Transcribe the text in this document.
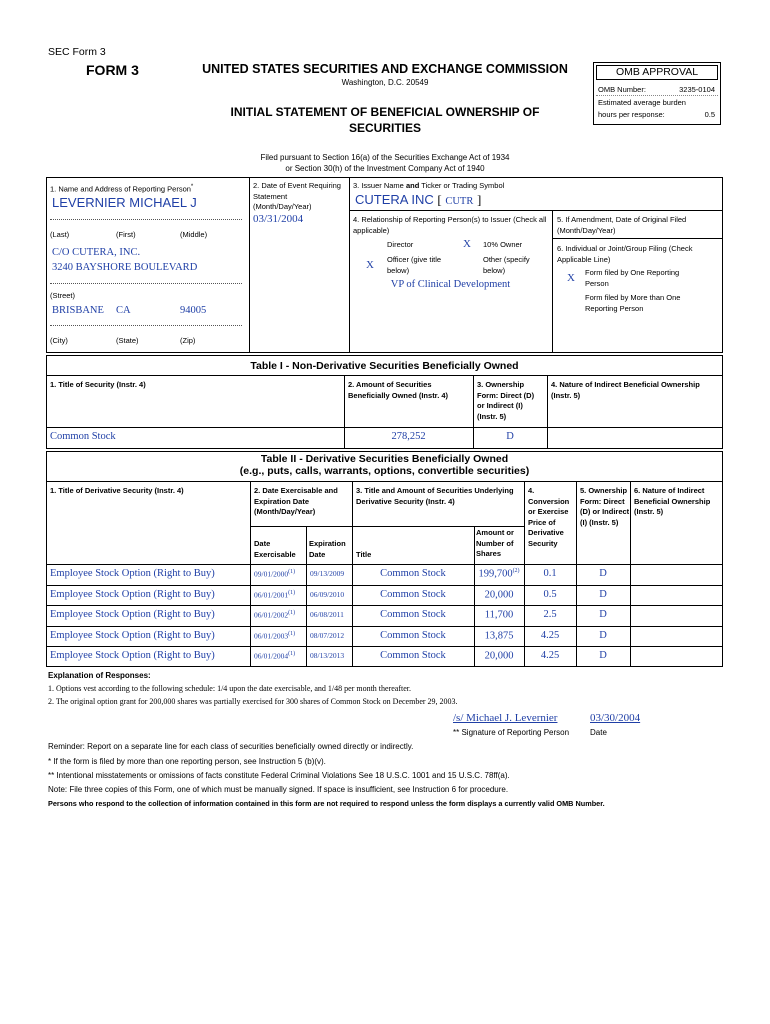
SEC Form 3
FORM 3	UNITED STATES SECURITIES AND EXCHANGE COMMISSION
Washington, D.C. 20549
INITIAL STATEMENT OF BENEFICIAL OWNERSHIP OF SECURITIES
OMB APPROVAL
OMB Number:	3235-0104
Estimated average burden
hours per response:	0.5
Filed pursuant to Section 16(a) of the Securities Exchange Act of 1934
or Section 30(h) of the Investment Company Act of 1940
1. Name and Address of Reporting Person*
LEVERNIER MICHAEL J
(Last)	(First)	(Middle)
C/O CUTERA, INC.
3240 BAYSHORE BOULEVARD
(Street)
BRISBANE CA	94005
(City)	(State)	(Zip)
2. Date of Event Requiring Statement (Month/Day/Year)
03/31/2004
3. Issuer Name and Ticker or Trading Symbol
CUTERA INC [ CUTR ]
4. Relationship of Reporting Person(s) to Issuer (Check all applicable)
Director	X 10% Owner
X Officer (give title below)
Other (specify below)
VP of Clinical Development
5. If Amendment, Date of Original Filed (Month/Day/Year)
6. Individual or Joint/Group Filing (Check Applicable Line)
X Form filed by One Reporting Person
Form filed by More than One Reporting Person
Table I - Non-Derivative Securities Beneficially Owned
1. Title of Security (Instr. 4)	2. Amount of Securities Beneficially Owned (Instr. 4)
3. Ownership Form: Direct (D) or Indirect (I) (Instr. 5)
4. Nature of Indirect Beneficial Ownership (Instr. 5)
Common Stock	278,252	D
Table II - Derivative Securities Beneficially Owned
(e.g., puts, calls, warrants, options, convertible securities)
1. Title of Derivative Security (Instr. 4)	2. Date Exercisable and Expiration Date (Month/Day/Year)
Date Exercisable
Expiration Date
3. Title and Amount of Securities Underlying Derivative Security (Instr. 4)
Title
Amount or Number of Shares
4. Conversion or Exercise Price of Derivative Security
5. Ownership Form: Direct (D) or Indirect (I) (Instr. 5)
6. Nature of Indirect Beneficial Ownership (Instr. 5)
Employee Stock Option (Right to Buy)	09/01/2000$^{(1)}$ 09/13/2009	Common Stock	199,700$^{(2)}$	0.1	D
Employee Stock Option (Right to Buy)	06/01/2001$^{(1)}$ 06/09/2010	Common Stock	20,000	0.5	D
Employee Stock Option (Right to Buy)	06/01/2002$^{(1)}$ 06/08/2011	Common Stock	11,700	2.5	D
Employee Stock Option (Right to Buy)	06/01/2003$^{(1)}$ 08/07/2012	Common Stock	13,875	4.25	D
Employee Stock Option (Right to Buy)	06/01/2004$^{(1)}$ 08/13/2013	Common Stock	20,000	4.25	D
Explanation of Responses:
1. Options vest according to the following schedule: 1/4 upon the date exercisable, and 1/48 per month thereafter.
2. The original option grant for 200,000 shares was partially exercised for 300 shares of Common Stock on December 29, 2003.
/s/ Michael J. Levernier	03/30/2004
** Signature of Reporting Person	Date
Reminder: Report on a separate line for each class of securities beneficially owned directly or indirectly.
* If the form is filed by more than one reporting person, see Instruction 5 (b)(v).
** Intentional misstatements or omissions of facts constitute Federal Criminal Violations See 18 U.S.C. 1001 and 15 U.S.C. 78ff(a).
Note: File three copies of this Form, one of which must be manually signed. If space is insufficient, see Instruction 6 for procedure.
Persons who respond to the collection of information contained in this form are not required to respond unless the form displays a currently valid OMB Number.
